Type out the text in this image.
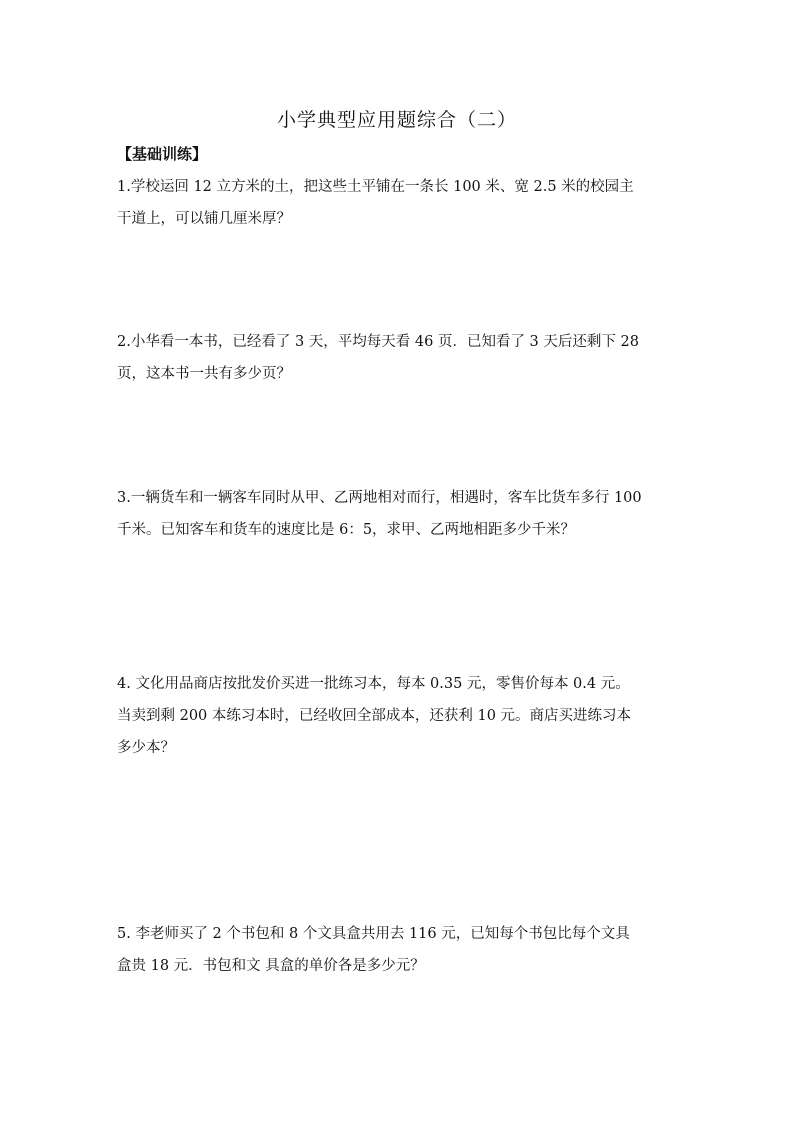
小学典型应用题综合（二）
【基础训练】
1.学校运回 12 立方米的土，把这些土平铺在一条长 100 米、宽 2.5 米的校园主
干道上，可以铺几厘米厚？
2.小华看一本书，已经看了 3 天，平均每天看 46 页．已知看了 3 天后还剩下 28
页，这本书一共有多少页？
3.一辆货车和一辆客车同时从甲、乙两地相对而行，相遇时，客车比货车多行 100
千米。已知客车和货车的速度比是 6：5，求甲、乙两地相距多少千米？
4. 文化用品商店按批发价买进一批练习本，每本 0.35 元，零售价每本 0.4 元。
当卖到剩 200 本练习本时，已经收回全部成本，还获利 10 元。商店买进练习本
多少本？
5. 李老师买了 2 个书包和 8 个文具盒共用去 116 元，已知每个书包比每个文具
盒贵 18 元．书包和文 具盒的单价各是多少元？
